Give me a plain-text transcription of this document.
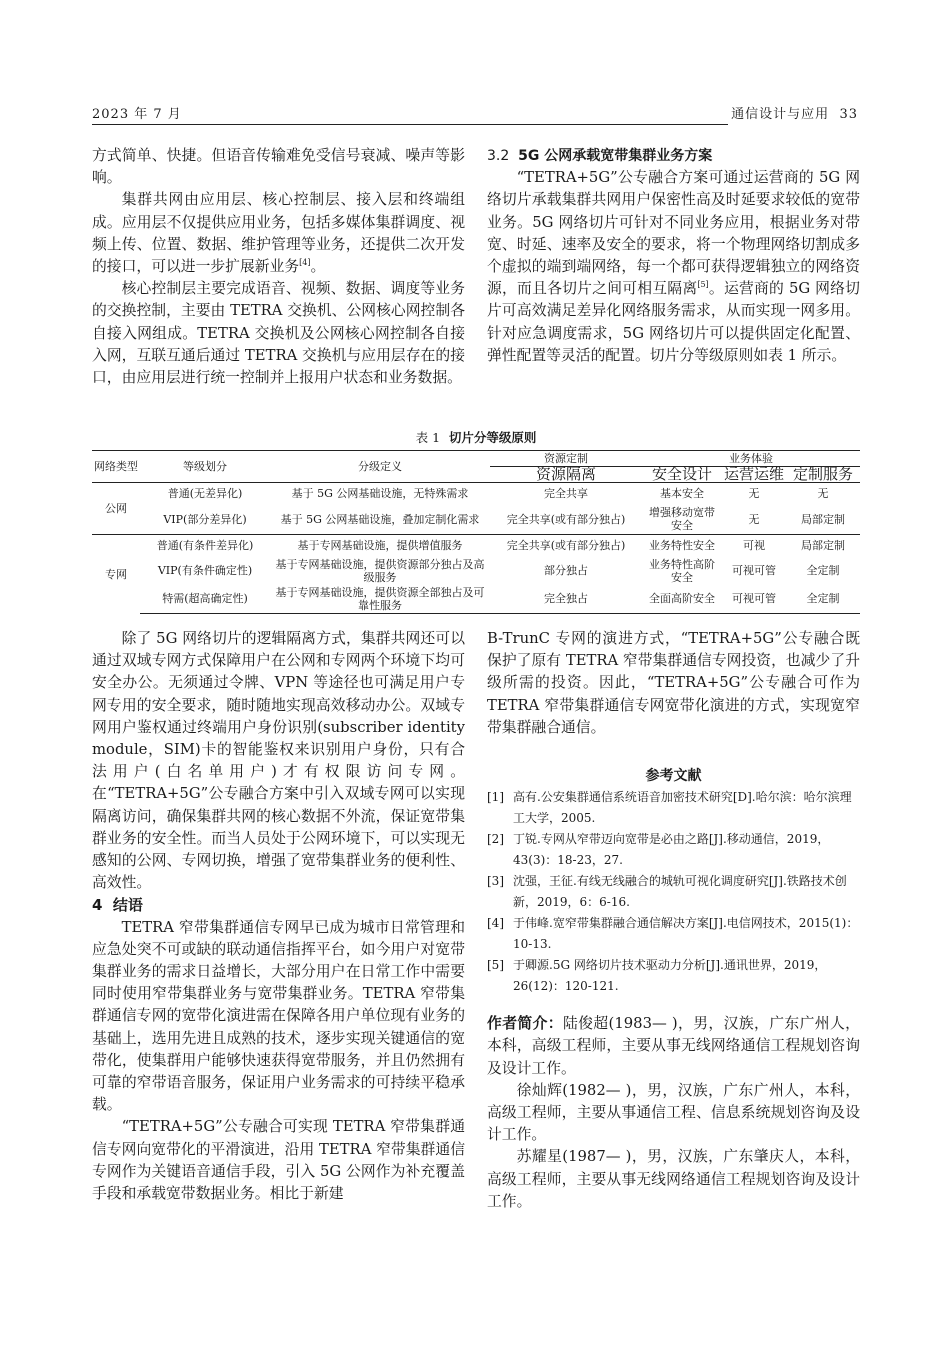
2023 年 7 月	通信设计与应用 33

方式简单、快捷。但语音传输难免受信号衰减、噪声等影响。

集群共网由应用层、核心控制层、接入层和终端组成。应用层不仅提供应用业务，包括多媒体集群调度、视频上传、位置、数据、维护管理等业务，还提供二次开发的接口，可以进一步扩展新业务[4]。

核心控制层主要完成语音、视频、数据、调度等业务的交换控制，主要由 TETRA 交换机、公网核心网控制各自接入网组成。TETRA 交换机及公网核心网控制各自接入网，互联互通后通过 TETRA 交换机与应用层存在的接口，由应用层进行统一控制并上报用户状态和业务数据。

3.2 5G 公网承载宽带集群业务方案

“TETRA+5G”公专融合方案可通过运营商的 5G 网络切片承载集群共网用户保密性高及时延要求较低的宽带业务。5G 网络切片可针对不同业务应用，根据业务对带宽、时延、速率及安全的要求，将一个物理网络切割成多个虚拟的端到端网络，每一个都可获得逻辑独立的网络资源，而且各切片之间可相互隔离[5]。运营商的 5G 网络切片可高效满足差异化网络服务需求，从而实现一网多用。针对应急调度需求，5G 网络切片可以提供固定化配置、弹性配置等灵活的配置。切片分等级原则如表 1 所示。

表 1 切片分等级原则
网络类型	等级划分	分级定义	资源定制	业务体验		
			资源隔离	安全设计	运营运维	定制服务
公网	普通(无差异化)	基于 5G 公网基础设施，无特殊需求	完全共享	基本安全	无	无
	VIP(部分差异化)	基于 5G 公网基础设施，叠加定制化需求	完全共享(或有部分独占)	增强移动宽带安全	无	局部定制
专网	普通(有条件差异化)	基于专网基础设施，提供增值服务	完全共享(或有部分独占)	业务特性安全	可视	局部定制
	VIP(有条件确定性)	基于专网基础设施，提供资源部分独占及高级服务	部分独占	业务特性高阶安全	可视可管	全定制
	特需(超高确定性)	基于专网基础设施，提供资源全部独占及可靠性服务	完全独占	全面高阶安全	可视可管	全定制

除了 5G 网络切片的逻辑隔离方式，集群共网还可以通过双域专网方式保障用户在公网和专网两个环境下均可安全办公。无须通过令牌、VPN 等途径也可满足用户专网专用的安全要求，随时随地实现高效移动办公。双域专网用户鉴权通过终端用户身份识别(subscriber identity module，SIM)卡的智能鉴权来识别用户身份，只有合法用户(白名单用户)才有权限访问专网。在“TETRA+5G”公专融合方案中引入双域专网可以实现隔离访问，确保集群共网的核心数据不外流，保证宽带集群业务的安全性。而当人员处于公网环境下，可以实现无感知的公网、专网切换，增强了宽带集群业务的便利性、高效性。

4 结语

TETRA 窄带集群通信专网早已成为城市日常管理和应急处突不可或缺的联动通信指挥平台，如今用户对宽带集群业务的需求日益增长，大部分用户在日常工作中需要同时使用窄带集群业务与宽带集群业务。TETRA 窄带集群通信专网的宽带化演进需在保障各用户单位现有业务的基础上，选用先进且成熟的技术，逐步实现关键通信的宽带化，使集群用户能够快速获得宽带服务，并且仍然拥有可靠的窄带语音服务，保证用户业务需求的可持续平稳承载。

“TETRA+5G”公专融合可实现 TETRA 窄带集群通信专网向宽带化的平滑演进，沿用 TETRA 窄带集群通信专网作为关键语音通信手段，引入 5G 公网作为补充覆盖手段和承载宽带数据业务。相比于新建

B-TrunC 专网的演进方式，“TETRA+5G”公专融合既保护了原有 TETRA 窄带集群通信专网投资，也减少了升级所需的投资。因此，“TETRA+5G”公专融合可作为 TETRA 窄带集群通信专网宽带化演进的方式，实现宽窄带集群融合通信。

参考文献

[1] 高有.公安集群通信系统语音加密技术研究[D].哈尔滨：哈尔滨理工大学，2005.
[2] 丁锐.专网从窄带迈向宽带是必由之路[J].移动通信，2019，43(3)：18-23，27.
[3] 沈强，王征.有线无线融合的城轨可视化调度研究[J].铁路技术创新，2019，6：6-16.
[4] 于伟峰.宽窄带集群融合通信解决方案[J].电信网技术，2015(1)：10-13.
[5] 于卿源.5G 网络切片技术驱动力分析[J].通讯世界，2019，26(12)：120-121.

作者简介：陆俊超(1983— )，男，汉族，广东广州人，本科，高级工程师，主要从事无线网络通信工程规划咨询及设计工作。

徐灿辉(1982— )，男，汉族，广东广州人，本科，高级工程师，主要从事通信工程、信息系统规划咨询及设计工作。

苏耀星(1987— )，男，汉族，广东肇庆人，本科，高级工程师，主要从事无线网络通信工程规划咨询及设计工作。
